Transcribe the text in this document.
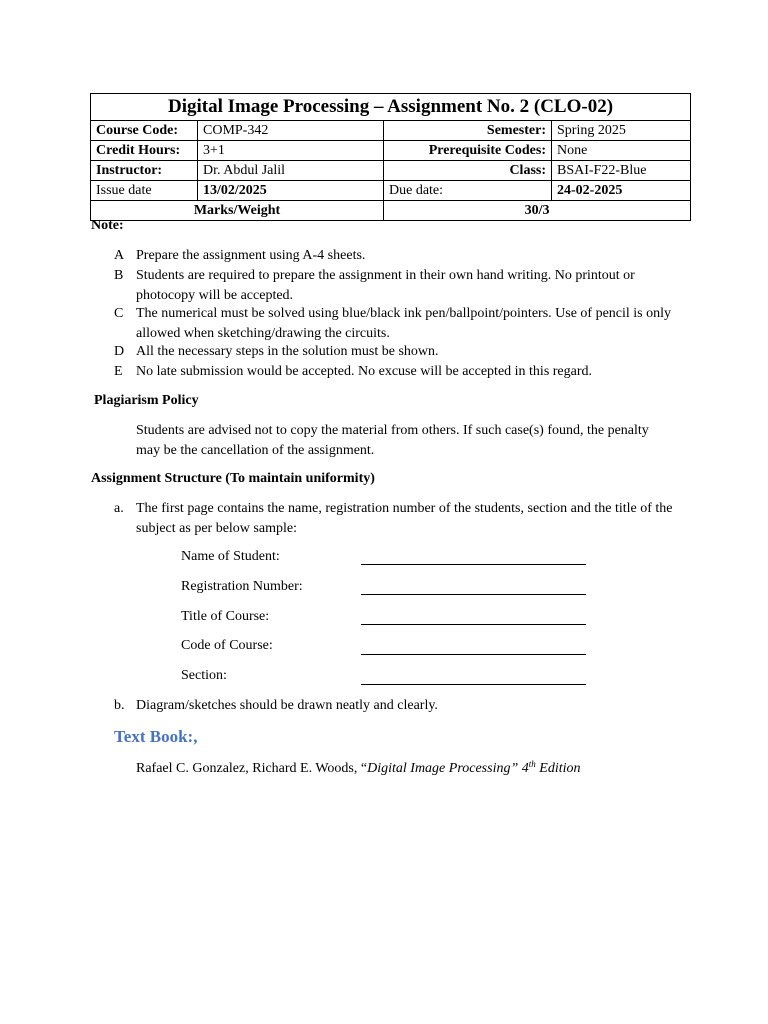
Digital Image Processing – Assignment No. 2 (CLO-02)			
Course Code:	COMP-342	Semester:	Spring 2025
Credit Hours:	3+1	Prerequisite Codes:	None
Instructor:	Dr. Abdul Jalil	Class:	BSAI-F22-Blue
Issue date	13/02/2025	Due date:	24-02-2025
Marks/Weight		30/3	
Note:
A Prepare the assignment using A-4 sheets.
B Students are required to prepare the assignment in their own hand writing. No printout or photocopy will be accepted.
C The numerical must be solved using blue/black ink pen/ballpoint/pointers. Use of pencil is only allowed when sketching/drawing the circuits.
D All the necessary steps in the solution must be shown.
E No late submission would be accepted. No excuse will be accepted in this regard.
Plagiarism Policy
Students are advised not to copy the material from others. If such case(s) found, the penalty may be the cancellation of the assignment.
Assignment Structure (To maintain uniformity)
a. The first page contains the name, registration number of the students, section and the title of the subject as per below sample:
Name of Student:
Registration Number:
Title of Course:
Code of Course:
Section:
b. Diagram/sketches should be drawn neatly and clearly.
Text Book:,
Rafael C. Gonzalez, Richard E. Woods, “Digital Image Processing” 4th Edition
